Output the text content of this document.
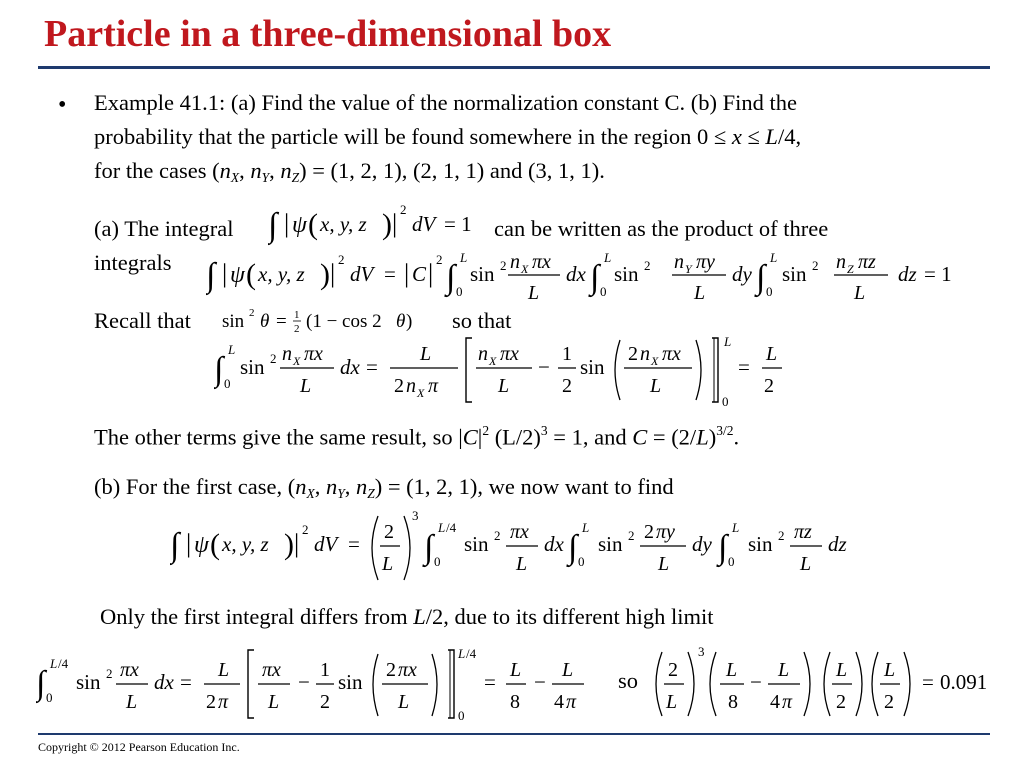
Particle in a three-dimensional box
• Example 41.1: (a) Find the value of the normalization constant C. (b) Find the
probability that the particle will be found somewhere in the region 0 ≤ x ≤ L/4,
for the cases ($n_X$, $n_Y$, $n_Z) = (1$, 2, 1), (2, 1, 1) and (3, 1, 1).
(a) The integral ∫ | ψ ( x, y, z ) | 2
dV = 1 can be written as the product of three
integrals ∫ | ψ ( x, y, z ) | 2
dV = | C | 2 ∫
L
0
sin 2 n X πx
L
dx ∫
L
0
sin 2 n Y πy
L
dy ∫
L
0
sin 2 n Z πz
L
dz = 1
Recall that sin 2 θ = 1
2 (1 − cos 2 θ ) so that
∫
L
0
sin 2 n X πx
L
dx =
L
2 n X π
n X πx
L
−
1
2
sin
2 n X πx
L
L
0
=
L
2
The other terms give the same result, so $|C|^2$ $(L/2)^3 = 1$, and $C = (2/L)^{3/2}$.
(b) For the first case, ($n_X$, $n_Y$, $n_Z) = (1$, 2, 1), we now want to find
∫ | ψ ( x, y, z ) | 2
dV = 2
L
3
∫
L /4
0
sin 2 πx
L
dx ∫
L
0
sin 2 2 πy
L
dy ∫
L
0
sin 2 πz
L
dz
Only the first integral differs from L/2, due to its different high limit
∫
L /4
0
sin 2 πx
L
dx = L
2 π
πx
L
− 1
2
sin 2 πx
L
L /4
0
= L
8
− L
4 π
so 2
L
3
L
8
− L
4 π
L
2
L
2
= 0.091
Copyright © 2012 Pearson Education Inc.
